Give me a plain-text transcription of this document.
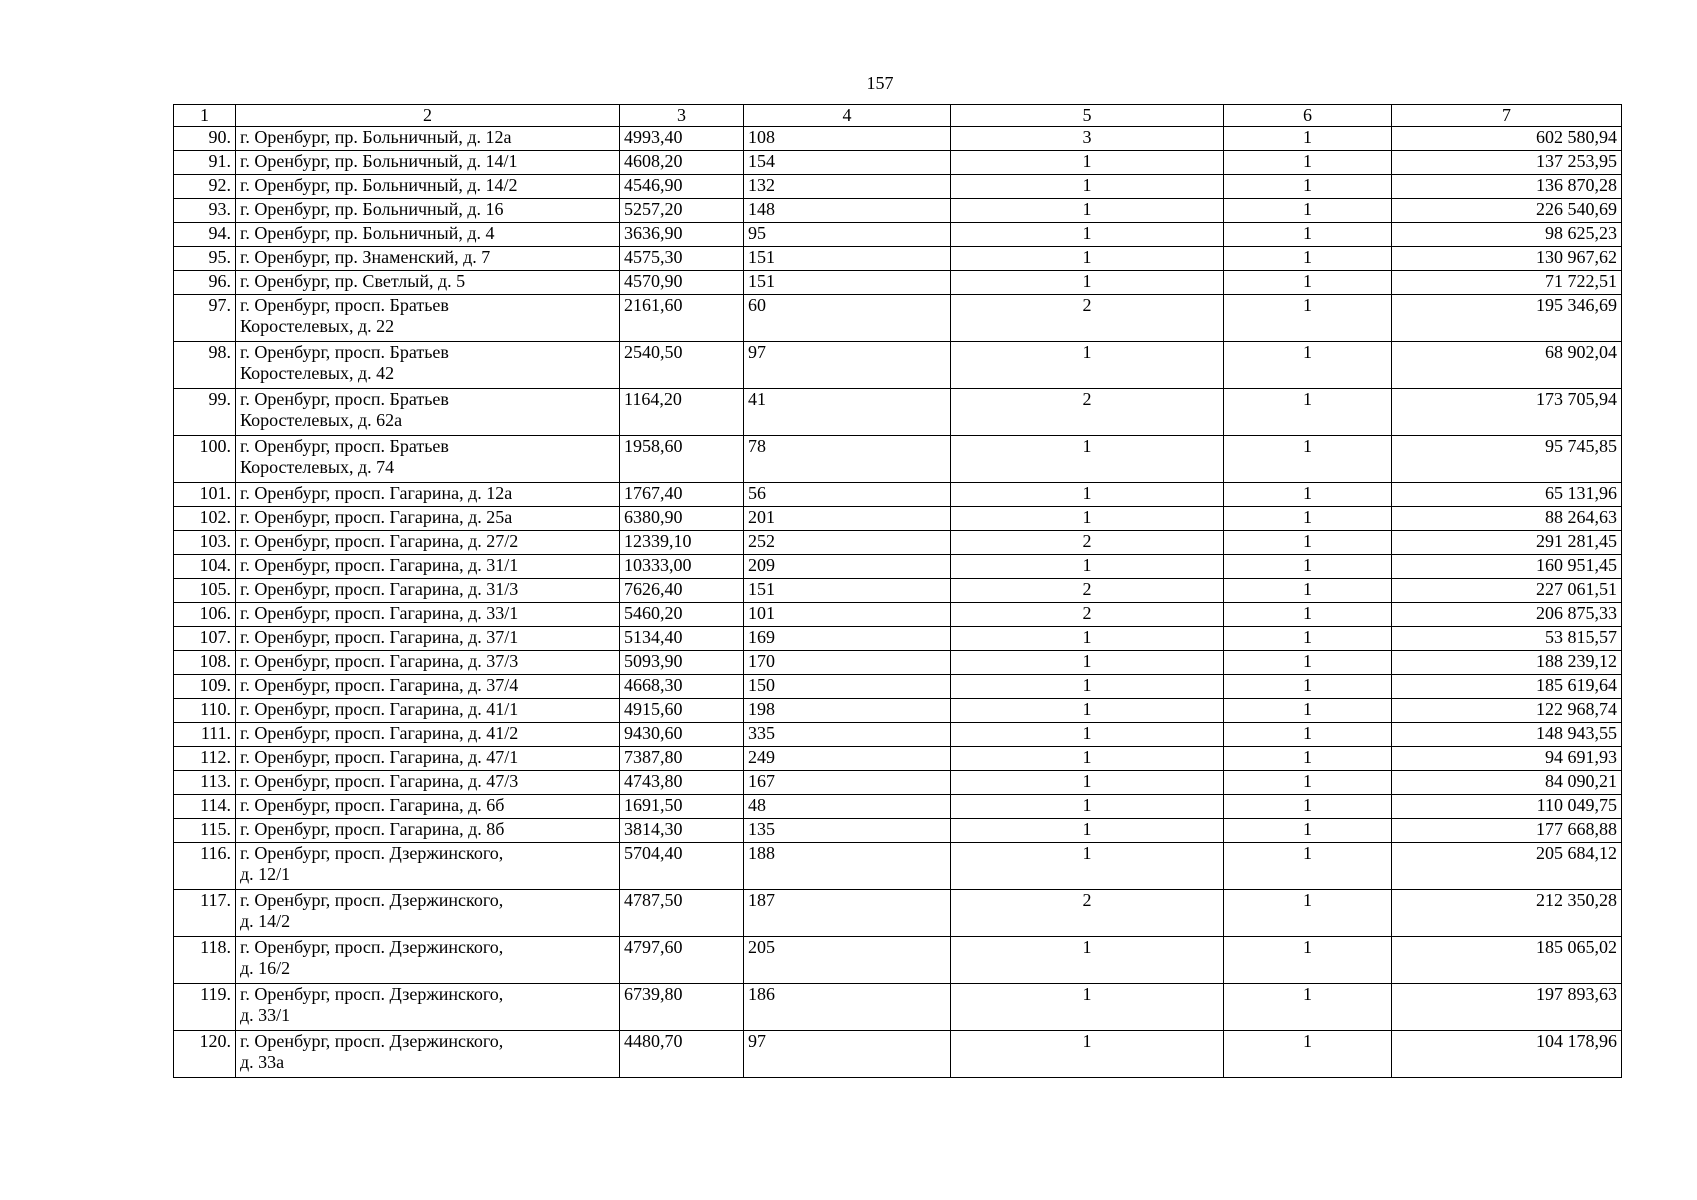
157
1	2	3	4	5	6	7
90.	г. Оренбург, пр. Больничный, д. 12а	4993,40	108	3	1	602 580,94
91.	г. Оренбург, пр. Больничный, д. 14/1	4608,20	154	1	1	137 253,95
92.	г. Оренбург, пр. Больничный, д. 14/2	4546,90	132	1	1	136 870,28
93.	г. Оренбург, пр. Больничный, д. 16	5257,20	148	1	1	226 540,69
94.	г. Оренбург, пр. Больничный, д. 4	3636,90	95	1	1	98 625,23
95.	г. Оренбург, пр. Знаменский, д. 7	4575,30	151	1	1	130 967,62
96.	г. Оренбург, пр. Светлый, д. 5	4570,90	151	1	1	71 722,51
97.	г. Оренбург, просп. Братьев
Коростелевых, д. 22	2161,60	60	2	1	195 346,69
98.	г. Оренбург, просп. Братьев
Коростелевых, д. 42	2540,50	97	1	1	68 902,04
99.	г. Оренбург, просп. Братьев
Коростелевых, д. 62а	1164,20	41	2	1	173 705,94
100.	г. Оренбург, просп. Братьев
Коростелевых, д. 74	1958,60	78	1	1	95 745,85
101.	г. Оренбург, просп. Гагарина, д. 12а	1767,40	56	1	1	65 131,96
102.	г. Оренбург, просп. Гагарина, д. 25а	6380,90	201	1	1	88 264,63
103.	г. Оренбург, просп. Гагарина, д. 27/2	12339,10	252	2	1	291 281,45
104.	г. Оренбург, просп. Гагарина, д. 31/1	10333,00	209	1	1	160 951,45
105.	г. Оренбург, просп. Гагарина, д. 31/3	7626,40	151	2	1	227 061,51
106.	г. Оренбург, просп. Гагарина, д. 33/1	5460,20	101	2	1	206 875,33
107.	г. Оренбург, просп. Гагарина, д. 37/1	5134,40	169	1	1	53 815,57
108.	г. Оренбург, просп. Гагарина, д. 37/3	5093,90	170	1	1	188 239,12
109.	г. Оренбург, просп. Гагарина, д. 37/4	4668,30	150	1	1	185 619,64
110.	г. Оренбург, просп. Гагарина, д. 41/1	4915,60	198	1	1	122 968,74
111.	г. Оренбург, просп. Гагарина, д. 41/2	9430,60	335	1	1	148 943,55
112.	г. Оренбург, просп. Гагарина, д. 47/1	7387,80	249	1	1	94 691,93
113.	г. Оренбург, просп. Гагарина, д. 47/3	4743,80	167	1	1	84 090,21
114.	г. Оренбург, просп. Гагарина, д. 6б	1691,50	48	1	1	110 049,75
115.	г. Оренбург, просп. Гагарина, д. 8б	3814,30	135	1	1	177 668,88
116.	г. Оренбург, просп. Дзержинского,
д. 12/1	5704,40	188	1	1	205 684,12
117.	г. Оренбург, просп. Дзержинского,
д. 14/2	4787,50	187	2	1	212 350,28
118.	г. Оренбург, просп. Дзержинского,
д. 16/2	4797,60	205	1	1	185 065,02
119.	г. Оренбург, просп. Дзержинского,
д. 33/1	6739,80	186	1	1	197 893,63
120.	г. Оренбург, просп. Дзержинского,
д. 33а	4480,70	97	1	1	104 178,96
